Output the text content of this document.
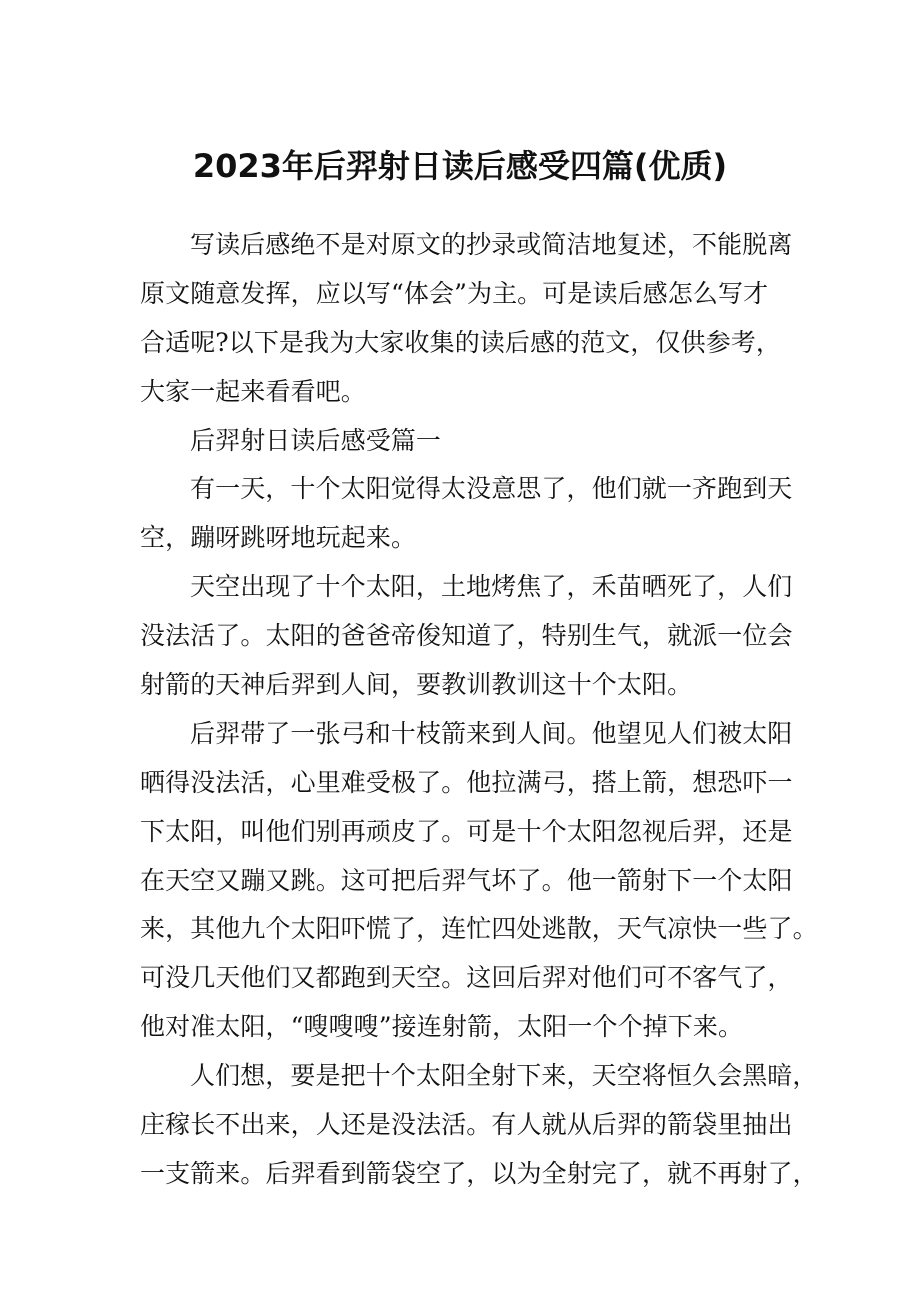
2023年后羿射日读后感受四篇(优质)
写读后感绝不是对原文的抄录或简洁地复述，不能脱离
原文随意发挥，应以写“体会”为主。可是读后感怎么写才
合适呢?以下是我为大家收集的读后感的范文，仅供参考，
大家一起来看看吧。
后羿射日读后感受篇一
有一天，十个太阳觉得太没意思了，他们就一齐跑到天
空，蹦呀跳呀地玩起来。
天空出现了十个太阳，土地烤焦了，禾苗晒死了，人们
没法活了。太阳的爸爸帝俊知道了，特别生气，就派一位会
射箭的天神后羿到人间，要教训教训这十个太阳。
后羿带了一张弓和十枝箭来到人间。他望见人们被太阳
晒得没法活，心里难受极了。他拉满弓，搭上箭，想恐吓一
下太阳，叫他们别再顽皮了。可是十个太阳忽视后羿，还是
在天空又蹦又跳。这可把后羿气坏了。他一箭射下一个太阳
来，其他九个太阳吓慌了，连忙四处逃散，天气凉快一些了。
可没几天他们又都跑到天空。这回后羿对他们可不客气了，
他对准太阳，“嗖嗖嗖”接连射箭，太阳一个个掉下来。
人们想，要是把十个太阳全射下来，天空将恒久会黑暗，
庄稼长不出来，人还是没法活。有人就从后羿的箭袋里抽出
一支箭来。后羿看到箭袋空了，以为全射完了，就不再射了，
